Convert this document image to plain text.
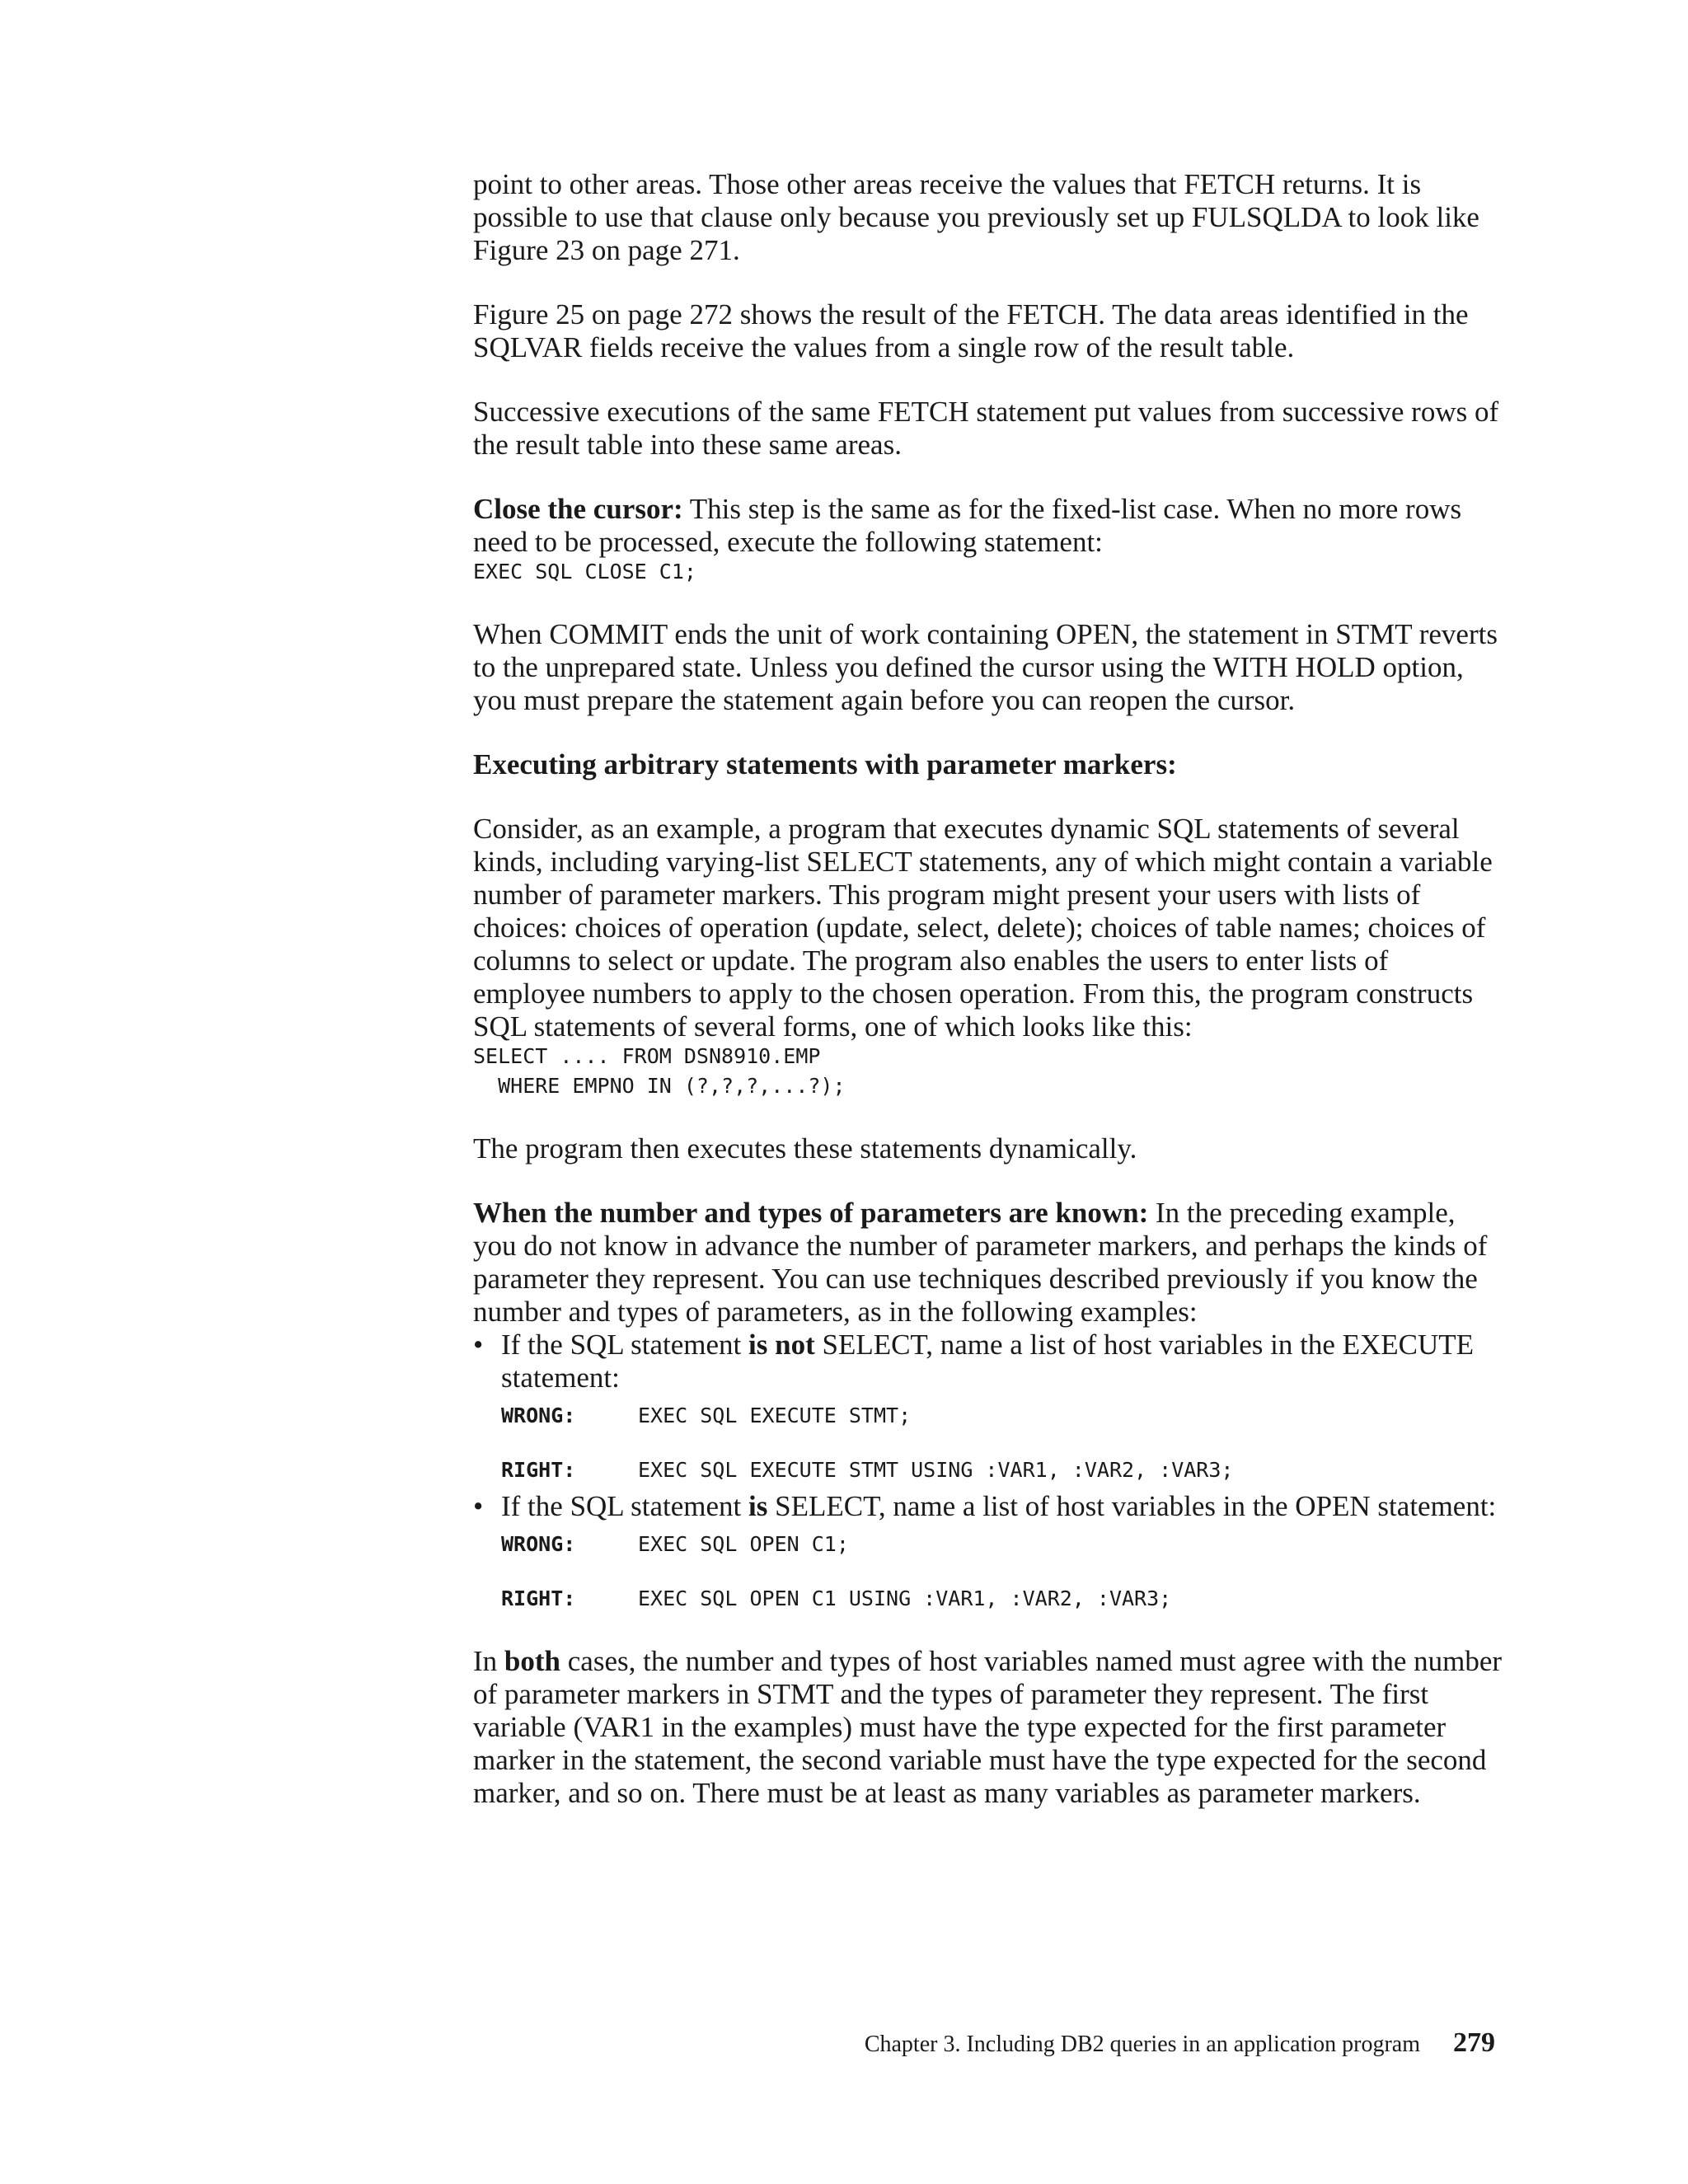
point to other areas. Those other areas receive the values that FETCH returns. It is possible to use that clause only because you previously set up FULSQLDA to look like Figure 23 on page 271.

Figure 25 on page 272 shows the result of the FETCH. The data areas identified in the SQLVAR fields receive the values from a single row of the result table.

Successive executions of the same FETCH statement put values from successive rows of the result table into these same areas.

Close the cursor: This step is the same as for the fixed-list case. When no more rows need to be processed, execute the following statement:

EXEC SQL CLOSE C1;

When COMMIT ends the unit of work containing OPEN, the statement in STMT reverts to the unprepared state. Unless you defined the cursor using the WITH HOLD option, you must prepare the statement again before you can reopen the cursor.

Executing arbitrary statements with parameter markers:

Consider, as an example, a program that executes dynamic SQL statements of several kinds, including varying-list SELECT statements, any of which might contain a variable number of parameter markers. This program might present your users with lists of choices: choices of operation (update, select, delete); choices of table names; choices of columns to select or update. The program also enables the users to enter lists of employee numbers to apply to the chosen operation. From this, the program constructs SQL statements of several forms, one of which looks like this:

SELECT .... FROM DSN8910.EMP
WHERE EMPNO IN (?,?,?,...?);

The program then executes these statements dynamically.

When the number and types of parameters are known: In the preceding example, you do not know in advance the number of parameter markers, and perhaps the kinds of parameter they represent. You can use techniques described previously if you know the number and types of parameters, as in the following examples:

• If the SQL statement is not SELECT, name a list of host variables in the EXECUTE statement:
WRONG:	EXEC SQL EXECUTE STMT;
RIGHT:	EXEC SQL EXECUTE STMT USING :VAR1, :VAR2, :VAR3;
• If the SQL statement is SELECT, name a list of host variables in the OPEN statement:
WRONG:	EXEC SQL OPEN C1;
RIGHT:	EXEC SQL OPEN C1 USING :VAR1, :VAR2, :VAR3;

In both cases, the number and types of host variables named must agree with the number of parameter markers in STMT and the types of parameter they represent. The first variable (VAR1 in the examples) must have the type expected for the first parameter marker in the statement, the second variable must have the type expected for the second marker, and so on. There must be at least as many variables as parameter markers.

Chapter 3. Including DB2 queries in an application program 279
